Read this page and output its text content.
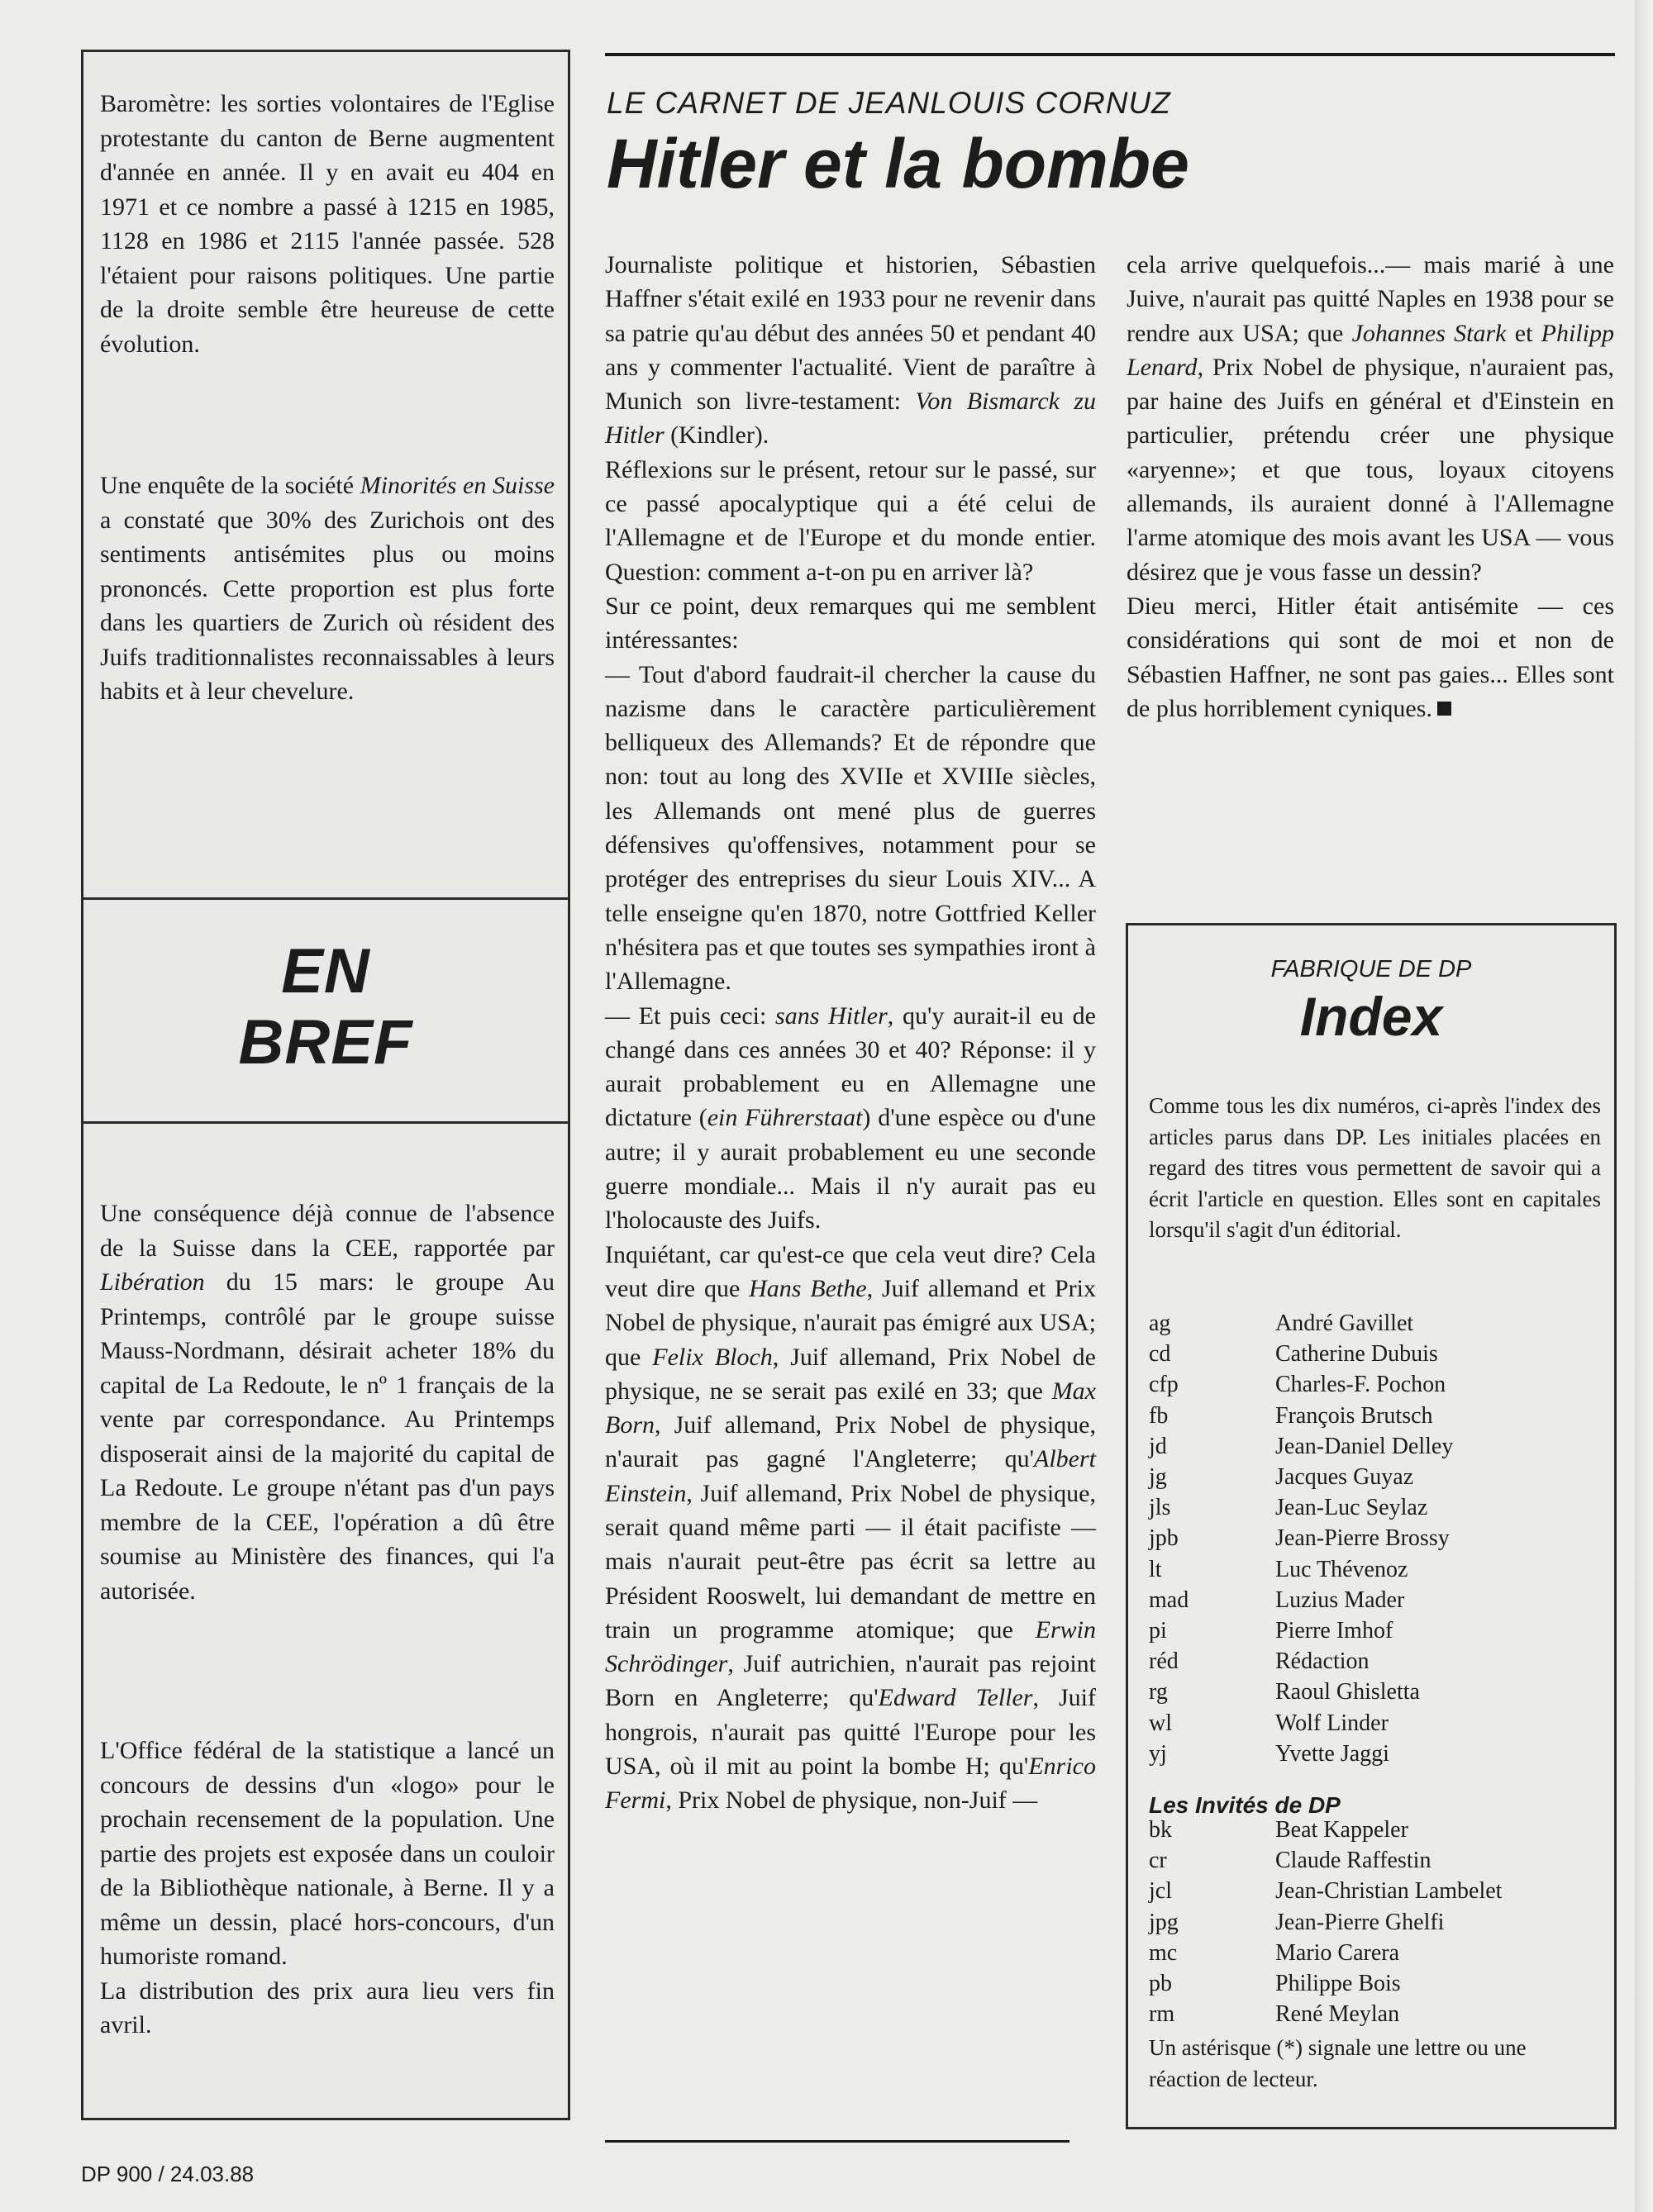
Baromètre: les sorties volontaires de l'Eglise protestante du canton de Berne augmentent d'année en année. Il y en avait eu 404 en 1971 et ce nombre a passé à 1215 en 1985, 1128 en 1986 et 2115 l'année passée. 528 l'étaient pour raisons politiques. Une partie de la droite semble être heureuse de cette évolution.

Une enquête de la société Minorités en Suisse a constaté que 30% des Zurichois ont des sentiments antisémites plus ou moins prononcés. Cette proportion est plus forte dans les quartiers de Zurich où résident des Juifs traditionnalistes reconnaissables à leurs habits et à leur chevelure.

EN
BREF

Une conséquence déjà connue de l'absence de la Suisse dans la CEE, rapportée par Libération du 15 mars: le groupe Au Printemps, contrôlé par le groupe suisse Mauss-Nordmann, désirait acheter 18% du capital de La Redoute, le nº 1 français de la vente par correspondance. Au Printemps disposerait ainsi de la majorité du capital de La Redoute. Le groupe n'étant pas d'un pays membre de la CEE, l'opération a dû être soumise au Ministère des finances, qui l'a autorisée.

L'Office fédéral de la statistique a lancé un concours de dessins d'un «logo» pour le prochain recensement de la population. Une partie des projets est exposée dans un couloir de la Bibliothèque nationale, à Berne. Il y a même un dessin, placé hors-concours, d'un humoriste romand.

La distribution des prix aura lieu vers fin avril.

LE CARNET DE JEANLOUIS CORNUZ
Hitler et la bombe

Journaliste politique et historien, Sébastien Haffner s'était exilé en 1933 pour ne revenir dans sa patrie qu'au début des années 50 et pendant 40 ans y commenter l'actualité. Vient de paraître à Munich son livre-testament: Von Bismarck zu Hitler (Kindler).

Réflexions sur le présent, retour sur le passé, sur ce passé apocalyptique qui a été celui de l'Allemagne et de l'Europe et du monde entier. Question: comment a-t-on pu en arriver là?

Sur ce point, deux remarques qui me semblent intéressantes:

— Tout d'abord faudrait-il chercher la cause du nazisme dans le caractère particulièrement belliqueux des Allemands? Et de répondre que non: tout au long des XVIIe et XVIIIe siècles, les Allemands ont mené plus de guerres défensives qu'offensives, notamment pour se protéger des entreprises du sieur Louis XIV... A telle enseigne qu'en 1870, notre Gottfried Keller n'hésitera pas et que toutes ses sympathies iront à l'Allemagne.

— Et puis ceci: sans Hitler, qu'y aurait-il eu de changé dans ces années 30 et 40? Réponse: il y aurait probablement eu en Allemagne une dictature (ein Führerstaat) d'une espèce ou d'une autre; il y aurait probablement eu une seconde guerre mondiale... Mais il n'y aurait pas eu l'holocauste des Juifs.

Inquiétant, car qu'est-ce que cela veut dire? Cela veut dire que Hans Bethe, Juif allemand et Prix Nobel de physique, n'aurait pas émigré aux USA; que Felix Bloch, Juif allemand, Prix Nobel de physique, ne se serait pas exilé en 33; que Max Born, Juif allemand, Prix Nobel de physique, n'aurait pas gagné l'Angleterre; qu'Albert Einstein, Juif allemand, Prix Nobel de physique, serait quand même parti — il était pacifiste — mais n'aurait peut-être pas écrit sa lettre au Président Rooswelt, lui demandant de mettre en train un programme atomique; que Erwin Schrödinger, Juif autrichien, n'aurait pas rejoint Born en Angleterre; qu'Edward Teller, Juif hongrois, n'aurait pas quitté l'Europe pour les USA, où il mit au point la bombe H; qu'Enrico Fermi, Prix Nobel de physique, non-Juif —

cela arrive quelquefois...— mais marié à une Juive, n'aurait pas quitté Naples en 1938 pour se rendre aux USA; que Johannes Stark et Philipp Lenard, Prix Nobel de physique, n'auraient pas, par haine des Juifs en général et d'Einstein en particulier, prétendu créer une physique «aryenne»; et que tous, loyaux citoyens allemands, ils auraient donné à l'Allemagne l'arme atomique des mois avant les USA — vous désirez que je vous fasse un dessin?

Dieu merci, Hitler était antisémite — ces considérations qui sont de moi et non de Sébastien Haffner, ne sont pas gaies... Elles sont de plus horriblement cyniques.

FABRIQUE DE DP
Index

Comme tous les dix numéros, ci-après l'index des articles parus dans DP. Les initiales placées en regard des titres vous permettent de savoir qui a écrit l'article en question. Elles sont en capitales lorsqu'il s'agit d'un éditorial.

ag	André Gavillet
cd	Catherine Dubuis
cfp	Charles-F. Pochon
fb	François Brutsch
jd	Jean-Daniel Delley
jg	Jacques Guyaz
jls	Jean-Luc Seylaz
jpb	Jean-Pierre Brossy
lt	Luc Thévenoz
mad	Luzius Mader
pi	Pierre Imhof
réd	Rédaction
rg	Raoul Ghisletta
wl	Wolf Linder
yj	Yvette Jaggi
Les Invités de DP
bk	Beat Kappeler
cr	Claude Raffestin
jcl	Jean-Christian Lambelet
jpg	Jean-Pierre Ghelfi
mc	Mario Carera
pb	Philippe Bois
rm	René Meylan

Un astérisque (*) signale une lettre ou une réaction de lecteur.

DP 900 / 24.03.88
